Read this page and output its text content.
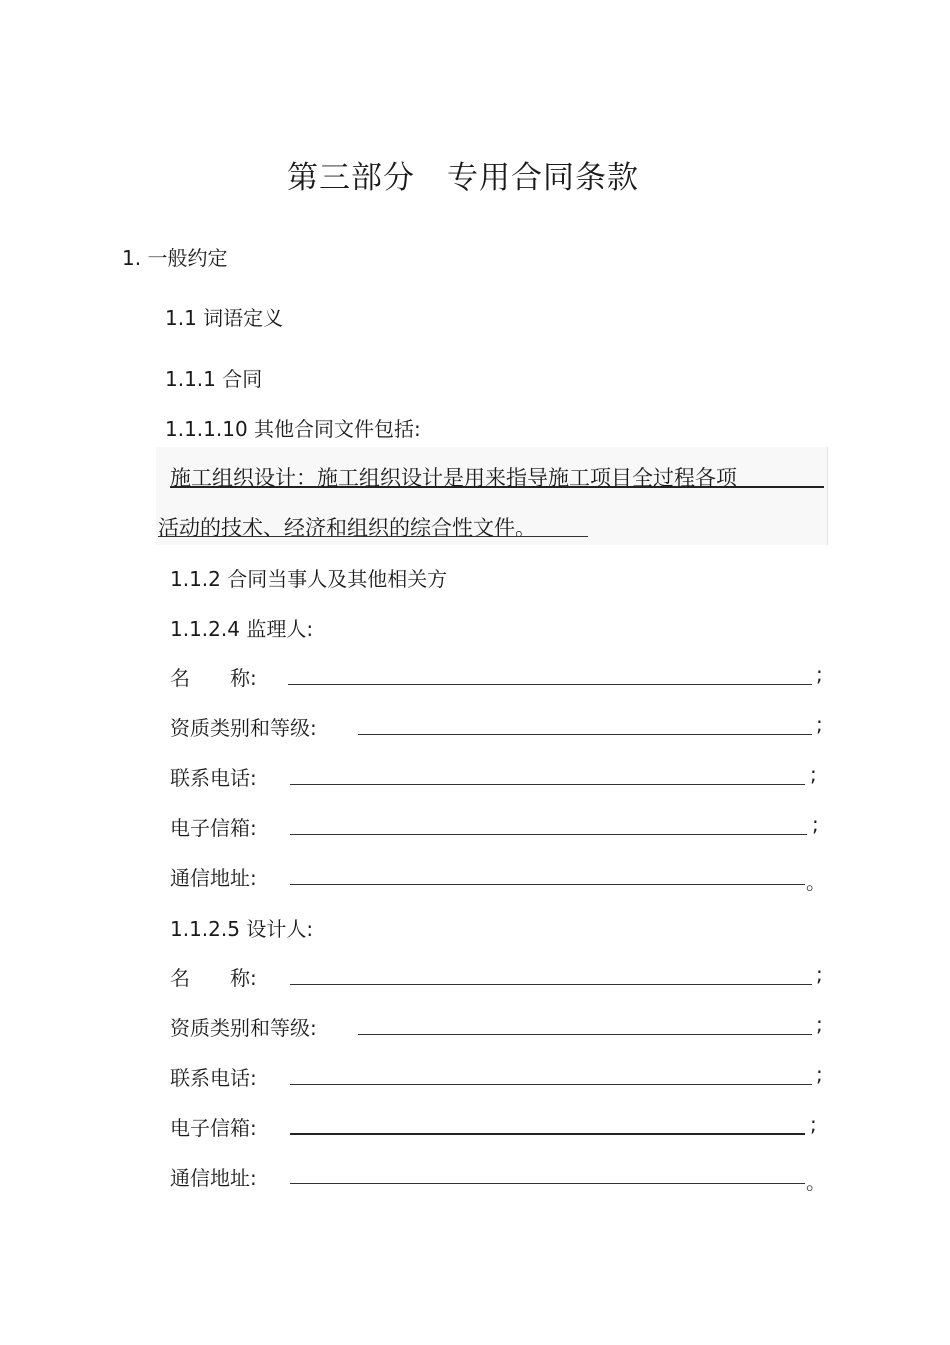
第三部分　专用合同条款
1. 一般约定
1.1 词语定义
1.1.1 合同
1.1.1.10 其他合同文件包括:
施工组织设计：施工组织设计是用来指导施工项目全过程各项
活动的技术、经济和组织的综合性文件。
1.1.2 合同当事人及其他相关方
1.1.2.4 监理人:
名　　称:	;
资质类别和等级:	;
联系电话:	;
电子信箱:	;
通信地址:	。
1.1.2.5 设计人:
名　　称:	;
资质类别和等级:	;
联系电话:	;
电子信箱:	;
通信地址:	。
